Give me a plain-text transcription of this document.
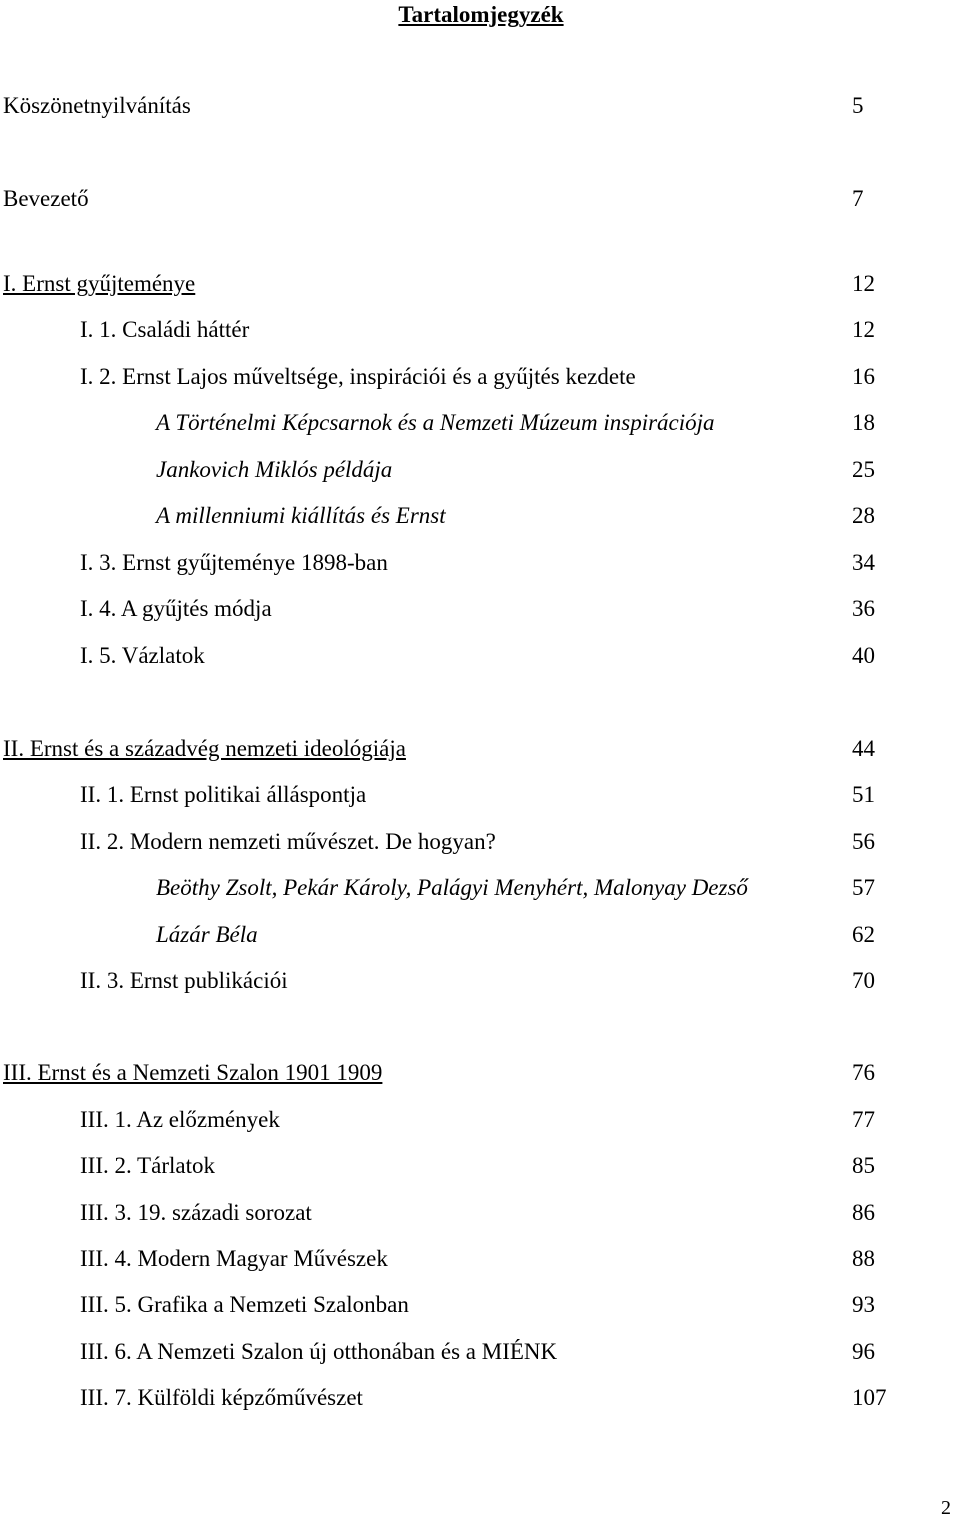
Tartalomjegyzék
Köszönetnyilvánítás	5
Bevezető	7
I. Ernst gyűjteménye	12
I. 1. Családi háttér	12
I. 2. Ernst Lajos műveltsége, inspirációi és a gyűjtés kezdete	16
A Történelmi Képcsarnok és a Nemzeti Múzeum inspirációja	18
Jankovich Miklós példája	25
A millenniumi kiállítás és Ernst	28
I. 3. Ernst gyűjteménye 1898-ban	34
I. 4. A gyűjtés módja	36
I. 5. Vázlatok	40
II. Ernst és a századvég nemzeti ideológiája	44
II. 1. Ernst politikai álláspontja	51
II. 2. Modern nemzeti művészet. De hogyan?	56
Beöthy Zsolt, Pekár Károly, Palágyi Menyhért, Malonyay Dezső	57
Lázár Béla	62
II. 3. Ernst publikációi	70
III. Ernst és a Nemzeti Szalon 1901 1909	76
III. 1. Az előzmények	77
III. 2. Tárlatok	85
III. 3. 19. századi sorozat	86
III. 4. Modern Magyar Művészek	88
III. 5. Grafika a Nemzeti Szalonban	93
III. 6. A Nemzeti Szalon új otthonában és a MIÉNK	96
III. 7. Külföldi képzőművészet	107
2
